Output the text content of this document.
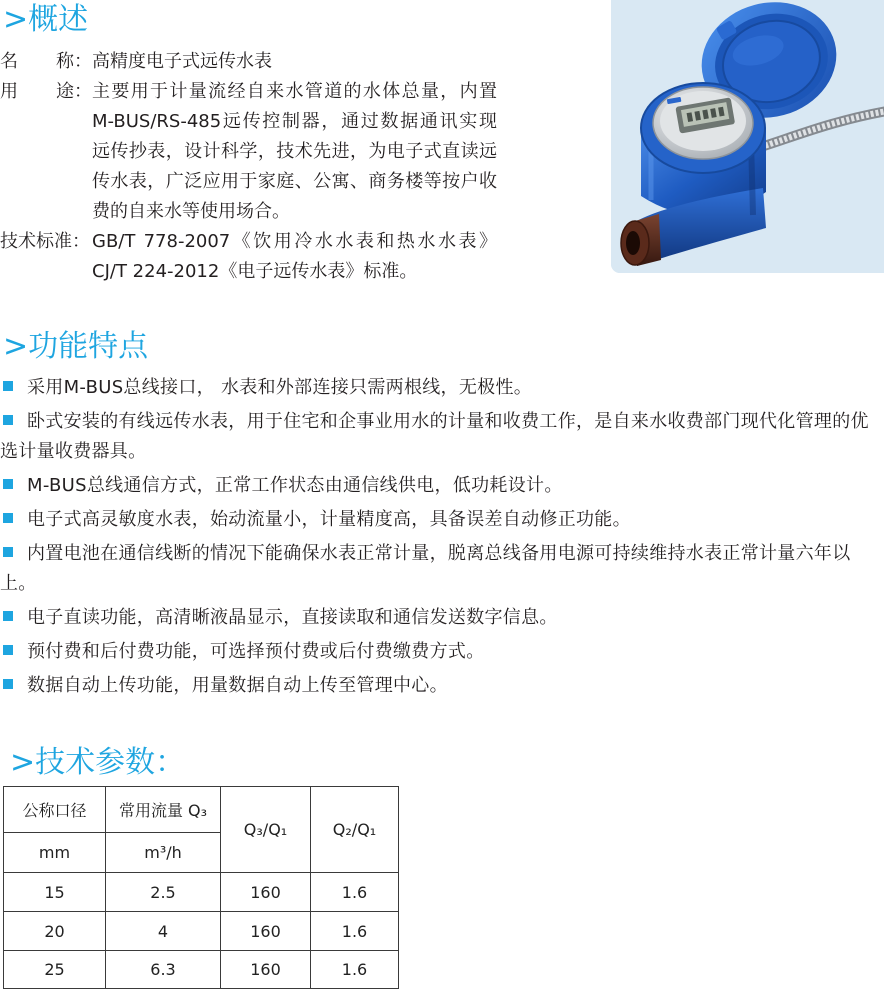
>概述
名 称： 高精度电子式远传水表
用 途： 主要用于计量流经自来水管道的水体总量，内置
M-BUS/RS-485远传控制器，通过数据通讯实现
远传抄表，设计科学，技术先进，为电子式直读远
传水表，广泛应用于家庭、公寓、商务楼等按户收
费的自来水等使用场合。
技术标准： GB/T 778-2007《饮用冷水水表和热水水表》
CJ/T 224-2012《电子远传水表》标准。
>功能特点
采用M-BUS总线接口， 水表和外部连接只需两根线，无极性。
卧式安装的有线远传水表，用于住宅和企事业用水的计量和收费工作，是自来水收费部门现代化管理的优
选计量收费器具。
M-BUS总线通信方式，正常工作状态由通信线供电，低功耗设计。
电子式高灵敏度水表，始动流量小，计量精度高，具备误差自动修正功能。
内置电池在通信线断的情况下能确保水表正常计量，脱离总线备用电源可持续维持水表正常计量六年以
上。
电子直读功能，高清晰液晶显示，直接读取和通信发送数字信息。
预付费和后付费功能，可选择预付费或后付费缴费方式。
数据自动上传功能，用量数据自动上传至管理中心。
>技术参数：
公称口径	常用流量 Q₃	Q₃/Q₁	Q₂/Q₁
mm	m³/h		
15	2.5	160	1.6
20	4	160	1.6
25	6.3	160	1.6
